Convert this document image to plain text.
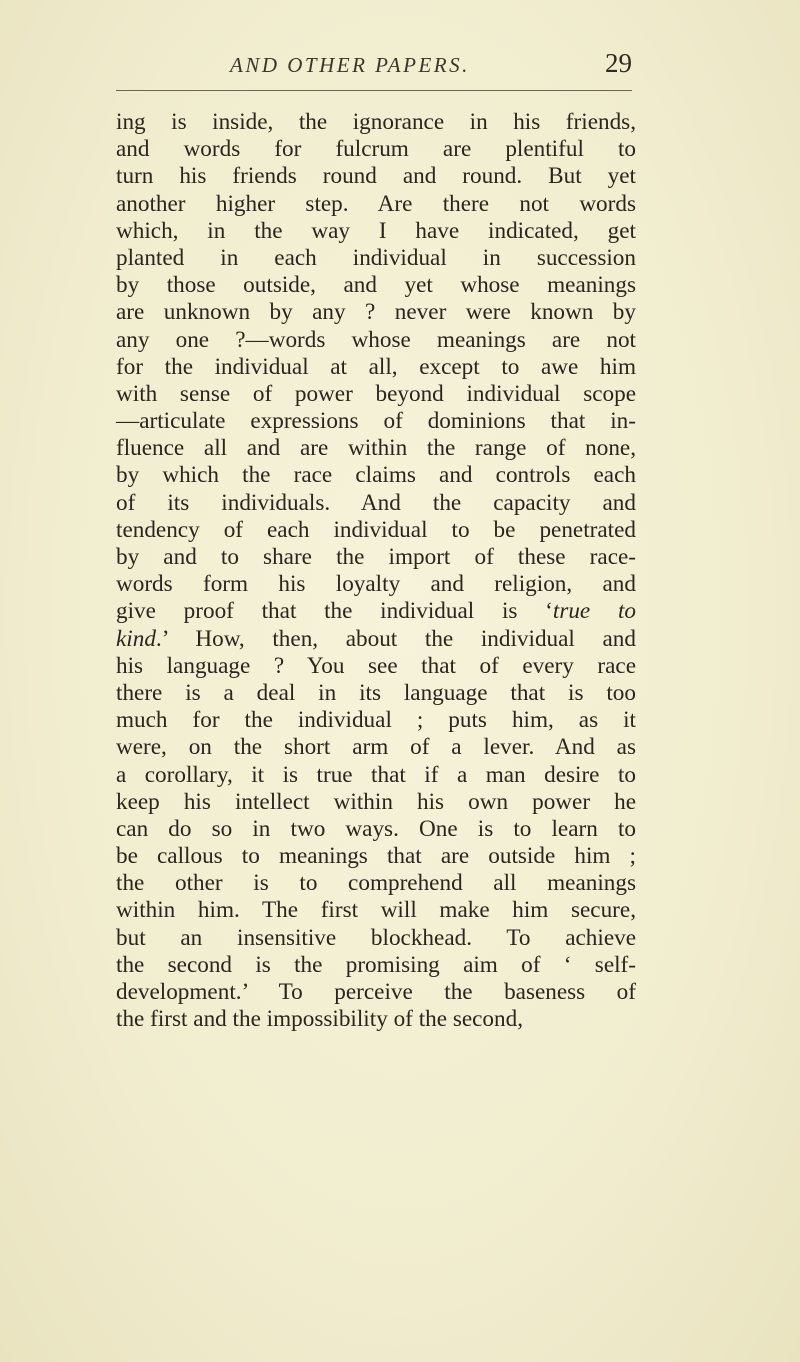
AND OTHER PAPERS.	29
ing is inside, the ignorance in his friends,
and words for fulcrum are plentiful to
turn his friends round and round. But yet
another higher step. Are there not words
which, in the way I have indicated, get
planted in each individual in succession
by those outside, and yet whose meanings
are unknown by any ? never were known by
any one ?—words whose meanings are not
for the individual at all, except to awe him
with sense of power beyond individual scope
—articulate expressions of dominions that in-
fluence all and are within the range of none,
by which the race claims and controls each
of its individuals. And the capacity and
tendency of each individual to be penetrated
by and to share the import of these race-
words form his loyalty and religion, and
give proof that the individual is ‘true to
kind.’ How, then, about the individual and
his language ? You see that of every race
there is a deal in its language that is too
much for the individual ; puts him, as it
were, on the short arm of a lever. And as
a corollary, it is true that if a man desire to
keep his intellect within his own power he
can do so in two ways. One is to learn to
be callous to meanings that are outside him ;
the other is to comprehend all meanings
within him. The first will make him secure,
but an insensitive blockhead. To achieve
the second is the promising aim of ‘ self-
development.’ To perceive the baseness of
the first and the impossibility of the second,
